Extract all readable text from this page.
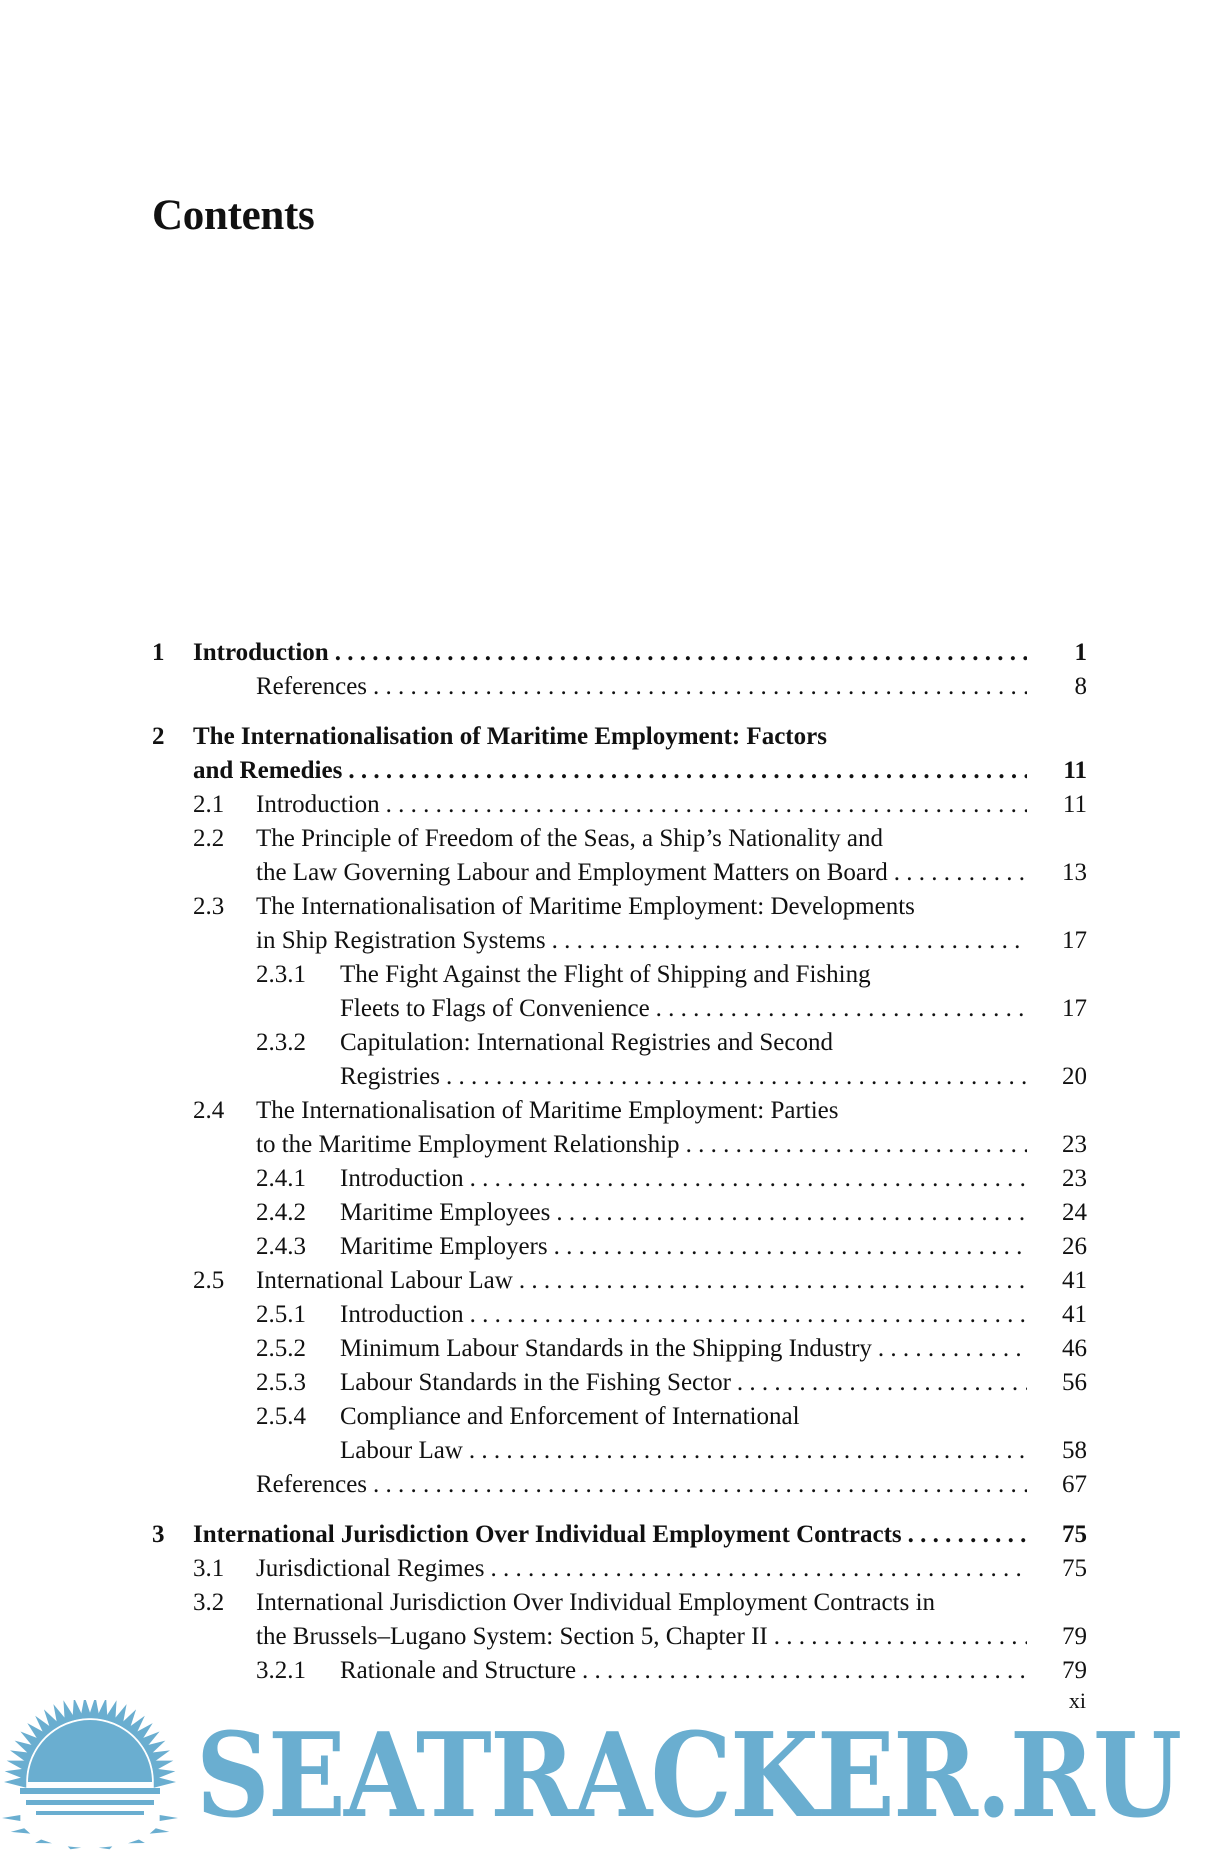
Contents
1 Introduction . . .	1
References . . .	8
2 The Internationalisation of Maritime Employment: Factors
and Remedies . . .	11
2.1 Introduction . . .	11
2.2 The Principle of Freedom of the Seas, a Ship’s Nationality and
the Law Governing Labour and Employment Matters on Board . . .	13
2.3 The Internationalisation of Maritime Employment: Developments
in Ship Registration Systems . . .	17
2.3.1 The Fight Against the Flight of Shipping and Fishing
Fleets to Flags of Convenience . . .	17
2.3.2 Capitulation: International Registries and Second
Registries . . .	20
2.4 The Internationalisation of Maritime Employment: Parties
to the Maritime Employment Relationship . . .	23
2.4.1 Introduction . . .	23
2.4.2 Maritime Employees . . .	24
2.4.3 Maritime Employers . . .	26
2.5 International Labour Law . . .	41
2.5.1 Introduction . . .	41
2.5.2 Minimum Labour Standards in the Shipping Industry . . .	46
2.5.3 Labour Standards in the Fishing Sector . . .	56
2.5.4 Compliance and Enforcement of International
Labour Law . . .	58
References . . .	67
3 International Jurisdiction Over Individual Employment Contracts . . .	75
3.1 Jurisdictional Regimes . . .	75
3.2 International Jurisdiction Over Individual Employment Contracts in
the Brussels–Lugano System: Section 5, Chapter II . . .	79
3.2.1 Rationale and Structure . . .	79
xi
SEATRACKER.RU
